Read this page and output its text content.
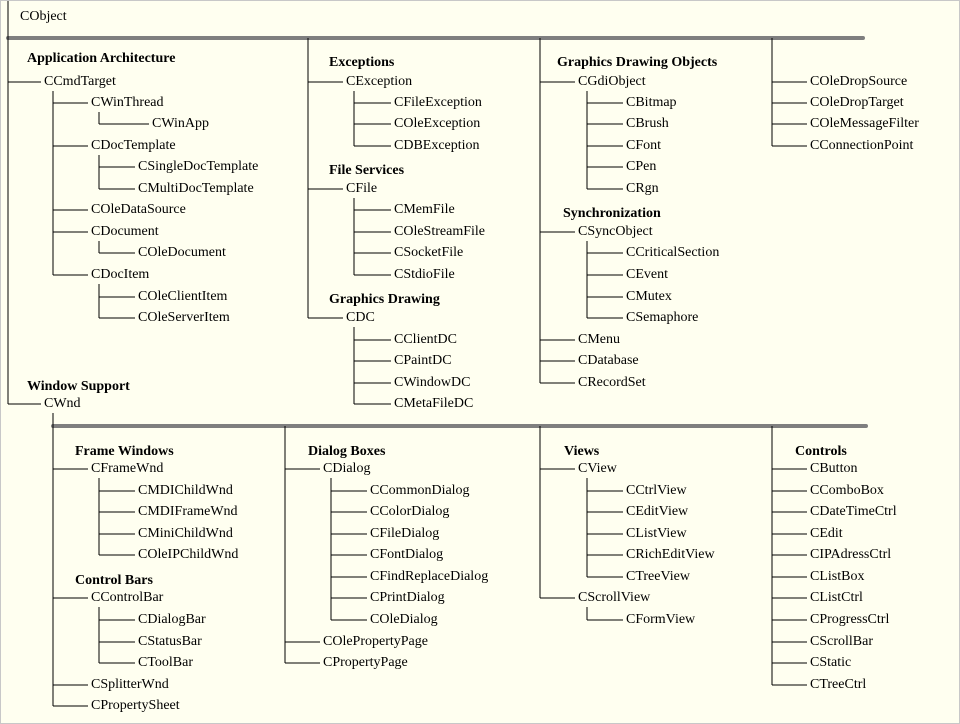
CObject
Application Architecture
CCmdTarget
CWinThread
CWinApp
CDocTemplate
CSingleDocTemplate
CMultiDocTemplate
COleDataSource
CDocument
COleDocument
CDocItem
COleClientItem
COleServerItem
Window Support
CWnd
Exceptions
CException
CFileException
COleException
CDBException
File Services
CFile
CMemFile
COleStreamFile
CSocketFile
CStdioFile
Graphics Drawing
CDC
CClientDC
CPaintDC
CWindowDC
CMetaFileDC
Graphics Drawing Objects
CGdiObject
CBitmap
CBrush
CFont
CPen
CRgn
Synchronization
CSyncObject
CCriticalSection
CEvent
CMutex
CSemaphore
CMenu
CDatabase
CRecordSet
COleDropSource
COleDropTarget
COleMessageFilter
CConnectionPoint
Frame Windows
CFrameWnd
CMDIChildWnd
CMDIFrameWnd
CMiniChildWnd
COleIPChildWnd
Control Bars
CControlBar
CDialogBar
CStatusBar
CToolBar
CSplitterWnd
CPropertySheet
Dialog Boxes
CDialog
CCommonDialog
CColorDialog
CFileDialog
CFontDialog
CFindReplaceDialog
CPrintDialog
COleDialog
COlePropertyPage
CPropertyPage
Views
CView
CCtrlView
CEditView
CListView
CRichEditView
CTreeView
CScrollView
CFormView
Controls
CButton
CComboBox
CDateTimeCtrl
CEdit
CIPAdressCtrl
CListBox
CListCtrl
CProgressCtrl
CScrollBar
CStatic
CTreeCtrl
